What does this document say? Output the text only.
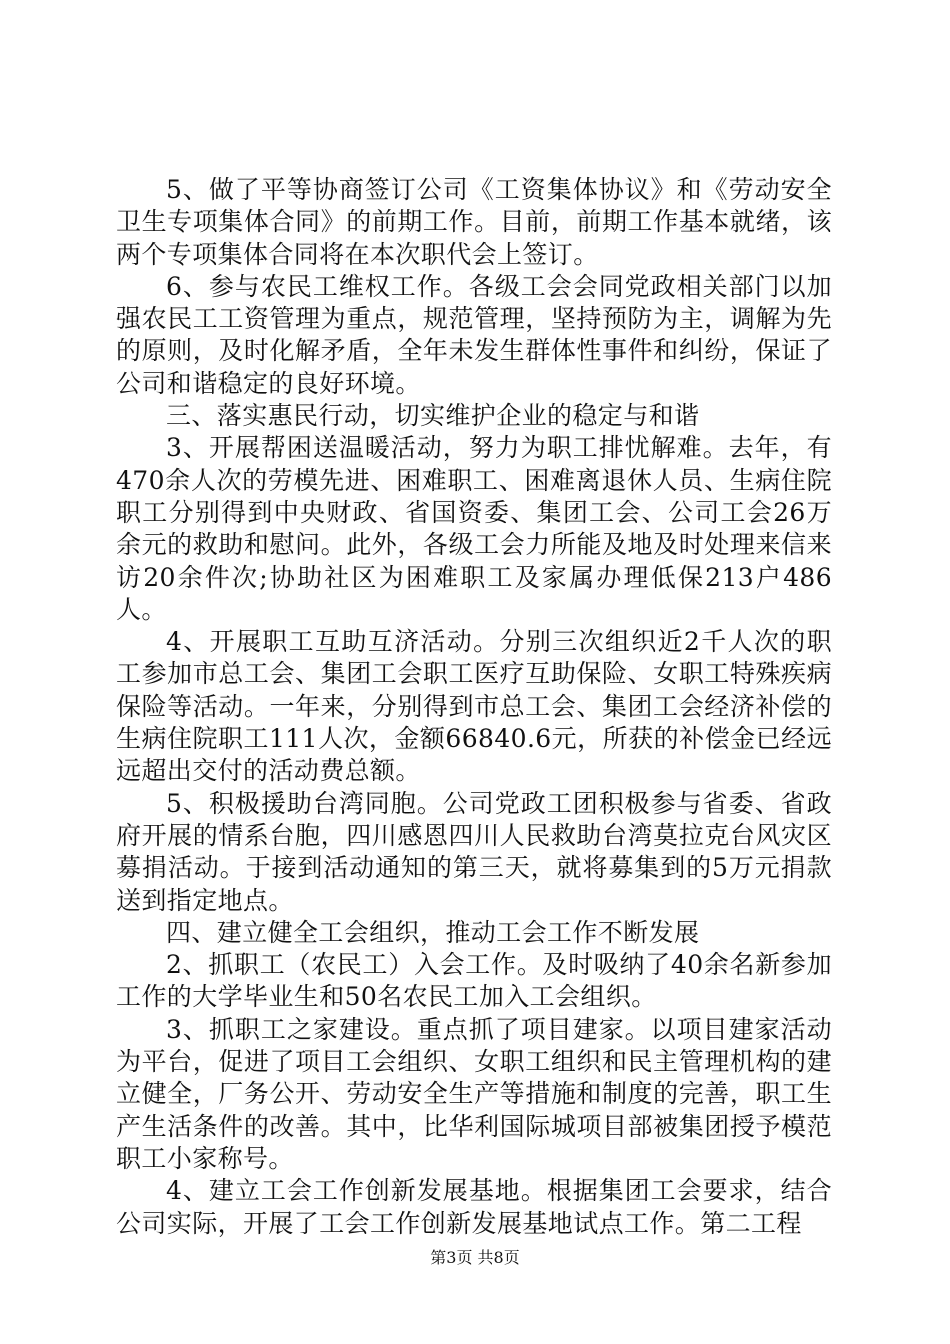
5、做了平等协商签订公司《工资集体协议》和《劳动安全卫生专项集体合同》的前期工作。目前，前期工作基本就绪，该两个专项集体合同将在本次职代会上签订。

6、参与农民工维权工作。各级工会会同党政相关部门以加强农民工工资管理为重点，规范管理，坚持预防为主，调解为先的原则，及时化解矛盾，全年未发生群体性事件和纠纷，保证了公司和谐稳定的良好环境。

三、落实惠民行动，切实维护企业的稳定与和谐

3、开展帮困送温暖活动，努力为职工排忧解难。去年，有470余人次的劳模先进、困难职工、困难离退休人员、生病住院职工分别得到中央财政、省国资委、集团工会、公司工会26万余元的救助和慰问。此外，各级工会力所能及地及时处理来信来访20余件次;协助社区为困难职工及家属办理低保213户486人。

4、开展职工互助互济活动。分别三次组织近2千人次的职工参加市总工会、集团工会职工医疗互助保险、女职工特殊疾病保险等活动。一年来，分别得到市总工会、集团工会经济补偿的生病住院职工111人次，金额66840.6元，所获的补偿金已经远远超出交付的活动费总额。

5、积极援助台湾同胞。公司党政工团积极参与省委、省政府开展的情系台胞，四川感恩四川人民救助台湾莫拉克台风灾区募捐活动。于接到活动通知的第三天，就将募集到的5万元捐款送到指定地点。

四、建立健全工会组织，推动工会工作不断发展

2、抓职工（农民工）入会工作。及时吸纳了40余名新参加工作的大学毕业生和50名农民工加入工会组织。

3、抓职工之家建设。重点抓了项目建家。以项目建家活动为平台，促进了项目工会组织、女职工组织和民主管理机构的建立健全，厂务公开、劳动安全生产等措施和制度的完善，职工生产生活条件的改善。其中，比华利国际城项目部被集团授予模范职工小家称号。

4、建立工会工作创新发展基地。根据集团工会要求，结合公司实际，开展了工会工作创新发展基地试点工作。第二工程

第3页 共8页
